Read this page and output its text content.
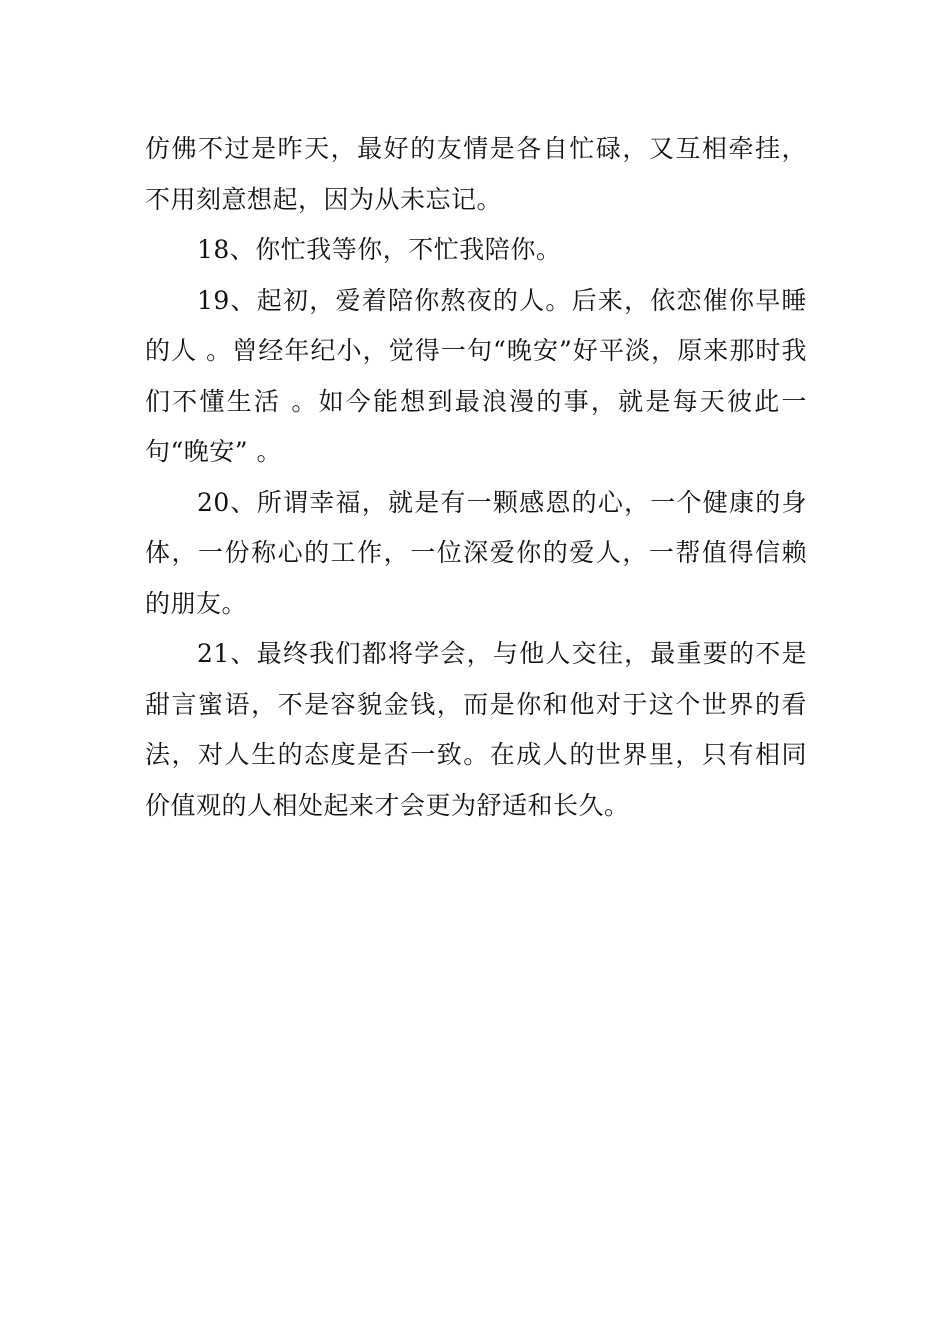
仿佛不过是昨天，最好的友情是各自忙碌，又互相牵挂，不用刻意想起，因为从未忘记。

18、你忙我等你，不忙我陪你。

19、起初，爱着陪你熬夜的人。后来，依恋催你早睡的人 。曾经年纪小，觉得一句“晚安”好平淡，原来那时我们不懂生活 。如今能想到最浪漫的事，就是每天彼此一句“晚安” 。

20、所谓幸福，就是有一颗感恩的心，一个健康的身体，一份称心的工作，一位深爱你的爱人，一帮值得信赖的朋友。

21、最终我们都将学会，与他人交往，最重要的不是甜言蜜语，不是容貌金钱，而是你和他对于这个世界的看法，对人生的态度是否一致。在成人的世界里，只有相同价值观的人相处起来才会更为舒适和长久。
